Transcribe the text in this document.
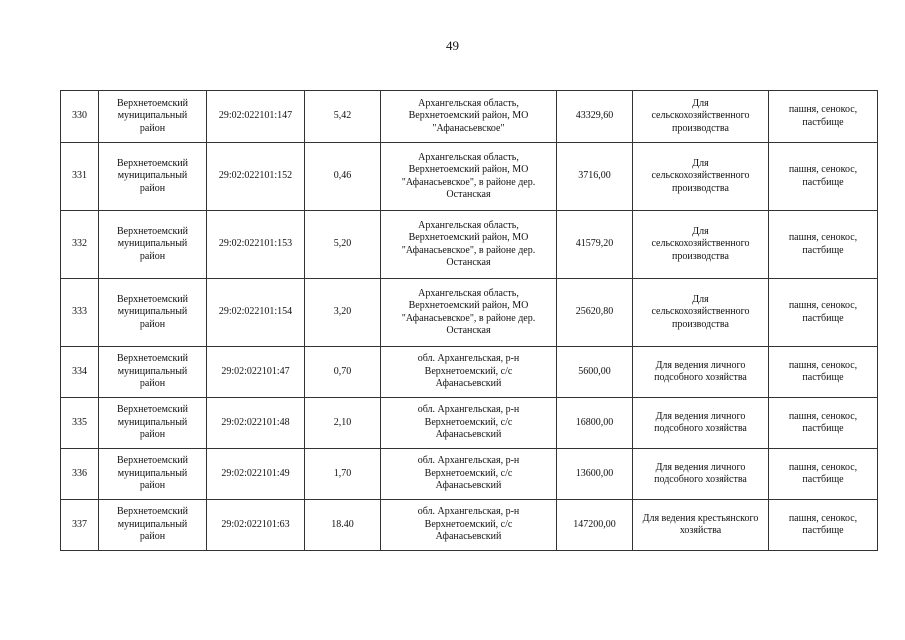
49
330	Верхнетоемский
муниципальный
район	29:02:022101:147	5,42	Архангельская область,
Верхнетоемский район, МО
"Афанасьевское"	43329,60	Для
сельскохозяйственного
производства	пашня, сенокос,
пастбище
331	Верхнетоемский
муниципальный
район	29:02:022101:152	0,46	Архангельская область,
Верхнетоемский район, МО
"Афанасьевское", в районе дер.
Останская	3716,00	Для
сельскохозяйственного
производства	пашня, сенокос,
пастбище
332	Верхнетоемский
муниципальный
район	29:02:022101:153	5,20	Архангельская область,
Верхнетоемский район, МО
"Афанасьевское", в районе дер.
Останская	41579,20	Для
сельскохозяйственного
производства	пашня, сенокос,
пастбище
333	Верхнетоемский
муниципальный
район	29:02:022101:154	3,20	Архангельская область,
Верхнетоемский район, МО
"Афанасьевское", в районе дер.
Останская	25620,80	Для
сельскохозяйственного
производства	пашня, сенокос,
пастбище
334	Верхнетоемский
муниципальный
район	29:02:022101:47	0,70	обл. Архангельская, р-н
Верхнетоемский, с/с
Афанасьевский	5600,00	Для ведения личного
подсобного хозяйства	пашня, сенокос,
пастбище
335	Верхнетоемский
муниципальный
район	29:02:022101:48	2,10	обл. Архангельская, р-н
Верхнетоемский, с/с
Афанасьевский	16800,00	Для ведения личного
подсобного хозяйства	пашня, сенокос,
пастбище
336	Верхнетоемский
муниципальный
район	29:02:022101:49	1,70	обл. Архангельская, р-н
Верхнетоемский, с/с
Афанасьевский	13600,00	Для ведения личного
подсобного хозяйства	пашня, сенокос,
пастбище
337	Верхнетоемский
муниципальный
район	29:02:022101:63	18.40	обл. Архангельская, р-н
Верхнетоемский, с/с
Афанасьевский	147200,00	Для ведения крестьянского
хозяйства	пашня, сенокос,
пастбище
